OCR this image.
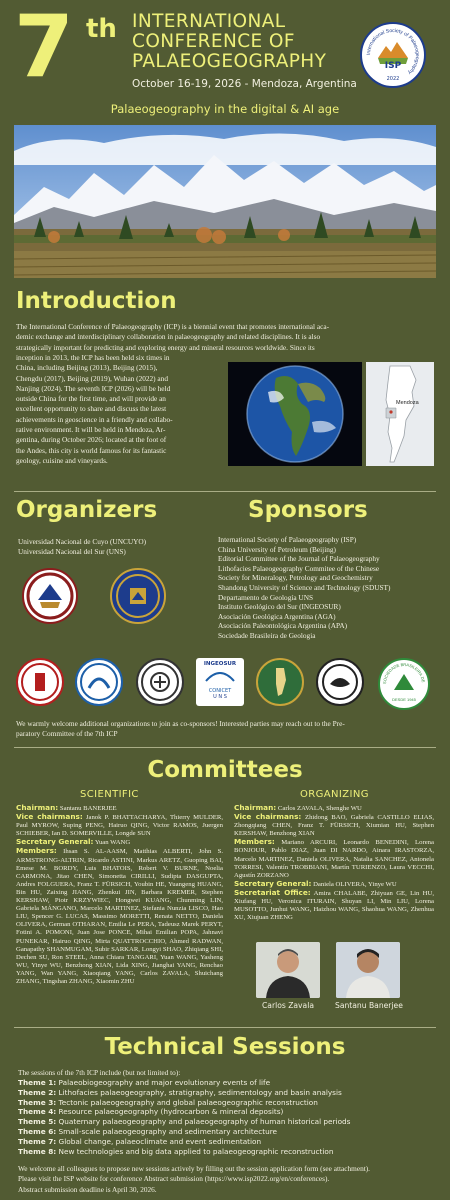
7 th INTERNATIONAL
CONFERENCE OF
PALAEOGEOGRAPHY
October 16-19, 2026 - Mendoza, Argentina
Palaeogeography in the digital & AI age
International Society of Palaeogeography
ISP
2022
Introduction
The International Conference of Palaeogeography (ICP) is a biennial event that promotes international aca-
demic exchange and interdisciplinary collaboration in palaeogeography and related disciplines. It is also
strategically important for predicting and exploring energy and mineral resources worldwide. Since its
inception in 2013, the ICP has been held six times in
China, including Beijing (2013), Beijing (2015),
Chengdu (2017), Beijing (2019), Wuhan (2022) and
Nanjing (2024). The seventh ICP (2026) will be held
outside China for the first time, and will provide an
excellent opportunity to share and discuss the latest
achievements in geoscience in a friendly and collabo-
rative environment. It will be held in Mendoza, Ar-
gentina, during October 2026; located at the foot of
the Andes, this city is world famous for its fantastic
geology, cuisine and vineyards.
Mendoza
Organizers
Universidad Nacional de Cuyo (UNCUYO)
Universidad Nacional del Sur (UNS)
Sponsors
International Society of Palaeogeography (ISP)
China University of Petroleum (Beijing)
Editorial Committee of the Journal of Palaeogeography
Lithofacies Palaeogeography Commitee of the Chinese
Society for Mineralogy, Petrology and Geochemistry
Shandong University of Science and Technology (SDUST)
Departamento de Geología UNS
Instituto Geológico del Sur (INGEOSUR)
Asociación Geológica Argentina (AGA)
Asociación Paleontológica Argentina (APA)
Sociedade Brasileira de Geologia
INGEOSUR
CONICET
U N S
SOCIEDADE BRASILEIRA DE
DESDE 1945
We warmly welcome additional organizations to join as co-sponsors! Interested parties may reach out to the Pre-
paratory Committee of the 7th ICP
Committees
SCIENTIFIC	ORGANIZING
Chairman: Santanu BANERJEE
Vice chairmans: Janok P. BHATTACHARYA, Thierry MULDER, Paul MYROW, Suping PENG, Hairuo QING, Victor RAMOS, Juergen SCHIEBER, Ian D. SOMERVILLE, Longde SUN
Secretary General: Yuan WANG
Members: Ihsan S. AL-AASM, Matthias ALBERTI, John S. ARMSTRONG-ALTRIN, Ricardo ASTINI, Markus ARETZ, Guoping BAI, Emese M. BORDY, Luis BHATOIS, Robert V. BURNE, Noelia CARMONA, Jitao CHEN, Simonetta CIRILLI, Sudipta DASGUPTA, Andres FOLGUERA, Franz T. FÜRSICH, Youbin HE, Yuangeng HUANG, Bin HU, Zaixing JIANG, Zhenkui JIN, Barbara KREMER, Stephen KERSHAW, Piotr KRZYWIEC, Hongwei KUANG, Chunming LIN, Gabriela MÁNGANO, Marcelo MARTINEZ, Stefania Nunzia LISCO, Hao LIU, Spencer G. LUCAS, Massimo MORETTI, Renata NETTO, Daniela OLIVERA, German OTHARAN, Emilia Le PERA, Tadeusz Marek PERYT, Fotini A. POMONI, Juan Jose PONCE, Mihai Emilian POPA, Jahnavi PUNEKAR, Hairuo QING, Mirta QUATTROCCHIO, Ahmed RADWAN, Ganapathy SHANMUGAM, Subir SARKAR, Longyi SHAO, Zhiqiang SHI, Dechen SU, Ron STEEL, Anna Chiara TANGARI, Yuan WANG, Yasheng WU, Yinye WU, Benzhong XIAN, Lida XING, Jianghai YANG, Renchao YANG, Wan YANG, Xiaoqiang YANG, Carlos ZAVALA, Shuichang ZHANG, Tingshan ZHANG, Xiaomin ZHU
Chairman: Carlos ZAVALA, Shenghe WU
Vice chairmans: Zhidong BAO, Gabriela CASTILLO ELIAS, Zhongqiang CHEN, Franz T. FÜRSICH, Xiumian HU, Stephen KERSHAW, Benzhong XIAN
Members: Mariano ARCURI, Leonardo BENEDINI, Lorena BONJOUR, Pablo DIAZ, Juan DI NARDO, Ainara IRASTORZA, Marcelo MARTINEZ, Daniela OLIVERA, Natalia SANCHEZ, Antonela TORRESI, Valentín TROBBIANI, Martín TURIENZO, Laura VECCHI, Agustín ZORZANO
Secretary General: Daniela OLIVERA, Yinye WU
Secretariat Office: Amira CHALABE, Zhiyuan GE, Lin HU, Xiufang HU, Veronica ITURAIN, Shuyan LI, Min LIU, Lorena MUSOTTO, Junhui WANG, Haizhou WANG, Shaohua WANG, Zhenhua XU, Xiujuan ZHENG
Carlos Zavala	Santanu Banerjee
Technical Sessions
The sessions of the 7th ICP include (but not limited to):
Theme 1: Palaeobiogeography and major evolutionary events of life
Theme 2: Lithofacies palaeogeography, stratigraphy, sedimentology and basin analysis
Theme 3: Tectonic palaeogeography and global palaeogeographic reconstruction
Theme 4: Resource palaeogeography (hydrocarbon & mineral deposits)
Theme 5: Quaternary palaeogeography and palaeogeography of human historical periods
Theme 6: Small-scale palaeogeography and sedimentary architecture
Theme 7: Global change, palaeoclimate and event sedimentation
Theme 8: New technologies and big data applied to palaeogeographic reconstruction
We welcome all colleagues to propose new sessions actively by filling out the session application form (see attachment).
Please visit the ISP website for conference Abstract submission (https://www.isp2022.org/en/conferences).
Abstract submission deadline is April 30, 2026.
